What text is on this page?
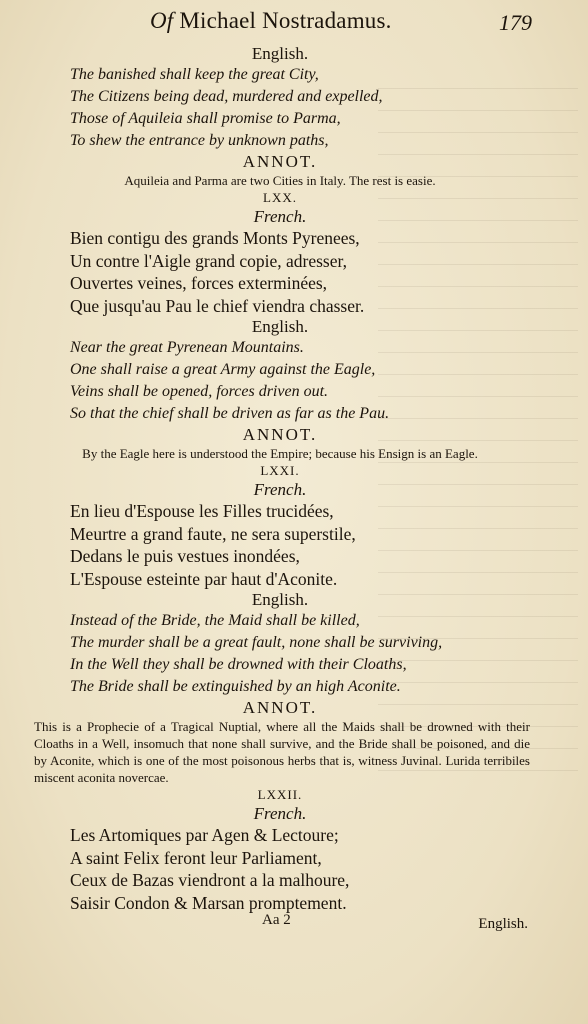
Of Michael Nostradamus.	179
English.
The banished shall keep the great City,
The Citizens being dead, murdered and expelled,
Those of Aquileia shall promise to Parma,
To shew the entrance by unknown paths,
ANNOT.
Aquileia and Parma are two Cities in Italy. The rest is easie.
LXX.
French.
Bien contigu des grands Monts Pyrenees,
Un contre l'Aigle grand copie, adresser,
Ouvertes veines, forces exterminées,
Que jusqu'au Pau le chief viendra chasser.
English.
Near the great Pyrenean Mountains.
One shall raise a great Army against the Eagle,
Veins shall be opened, forces driven out.
So that the chief shall be driven as far as the Pau.
ANNOT.
By the Eagle here is understood the Empire; because his Ensign is an Eagle.
LXXI.
French.
En lieu d'Espouse les Filles trucidées,
Meurtre a grand faute, ne sera superstile,
Dedans le puis vestues inondées,
L'Espouse esteinte par haut d'Aconite.
English.
Instead of the Bride, the Maid shall be killed,
The murder shall be a great fault, none shall be surviving,
In the Well they shall be drowned with their Cloaths,
The Bride shall be extinguished by an high Aconite.
ANNOT.
This is a Prophecie of a Tragical Nuptial, where all the Maids shall be drowned with their Cloaths in a Well, insomuch that none shall survive, and the Bride shall be poisoned, and die by Aconite, which is one of the most poisonous herbs that is, witness Juvinal. Lurida terribiles miscent aconita novercae.
LXXII.
French.
Les Artomiques par Agen & Lectoure;
A saint Felix feront leur Parliament,
Ceux de Bazas viendront a la malhoure,
Saisir Condon & Marsan promptement.
Aa 2	English.
